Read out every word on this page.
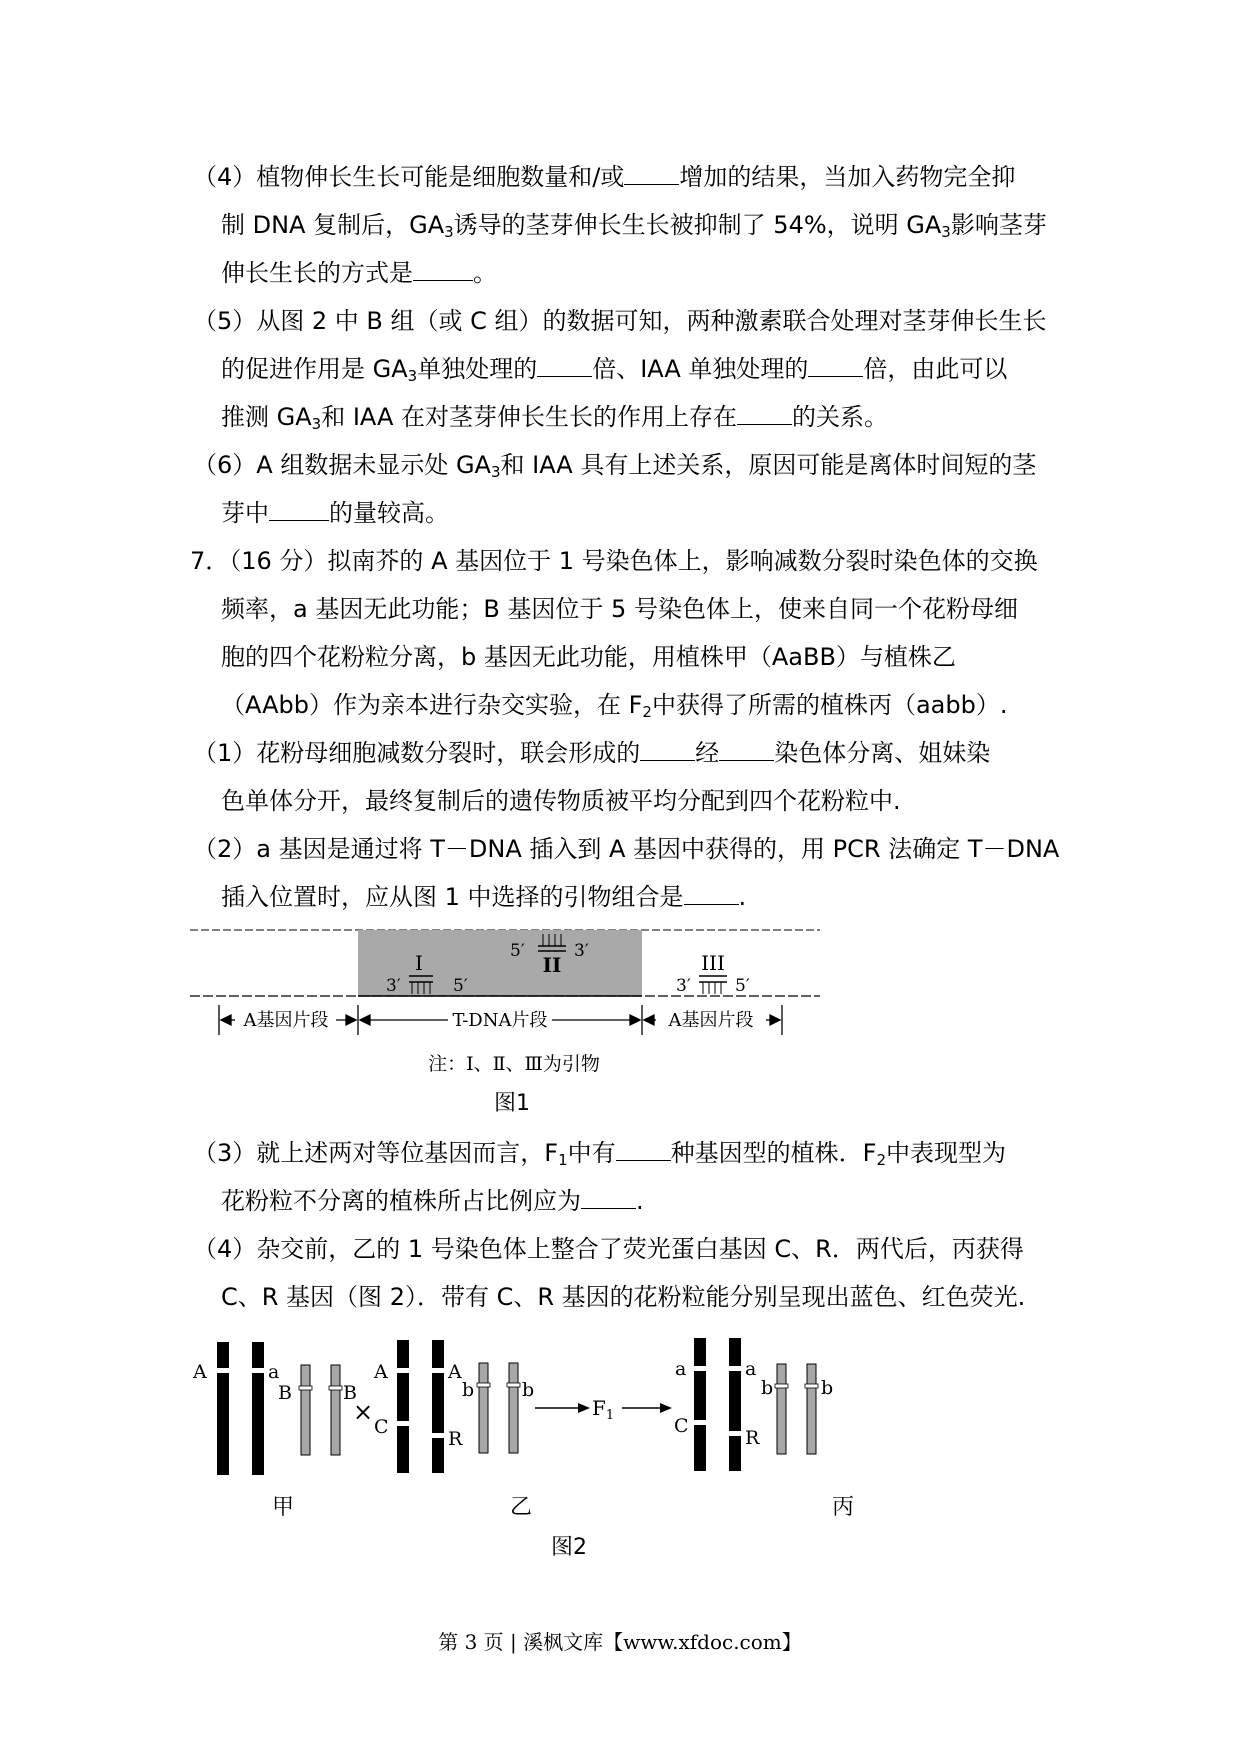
（4）植物伸长生长可能是细胞数量和/或 增加的结果，当加入药物完全抑
制 DNA 复制后，$GA_3$诱导的茎芽伸长生长被抑制了 54%，说明 $GA_3$影响茎芽
伸长生长的方式是	。
（5）从图 2 中 B 组（或 C 组）的数据可知，两种激素联合处理对茎芽伸长生长
的促进作用是 $GA_3$单独处理的 倍、IAA 单独处理的 倍，由此可以
推测 $GA_3$和 IAA 在对茎芽伸长生长的作用上存在 的关系。
（6）A 组数据未显示处 $GA_3$和 IAA 具有上述关系，原因可能是离体时间短的茎
芽中	的量较高。
7．（16 分）拟南芥的 A 基因位于 1 号染色体上，影响减数分裂时染色体的交换
频率，a 基因无此功能；B 基因位于 5 号染色体上，使来自同一个花粉母细
胞的四个花粉粒分离，b 基因无此功能，用植株甲（AaBB）与植株乙
（AAbb）作为亲本进行杂交实验，在 $F_2$中获得了所需的植株丙（aabb）.
（1）花粉母细胞减数分裂时，联会形成的 经 染色体分离、姐妹染
色单体分开，最终复制后的遗传物质被平均分配到四个花粉粒中.
（2）a 基因是通过将 T－DNA 插入到 A 基因中获得的，用 PCR 法确定 T－DNA
插入位置时，应从图 1 中选择的引物组合是 .
I
3′	5′
II
5′	3′	III
3′	5′
A基因片段	T-DNA片段	A基因片段
注：Ⅰ、Ⅱ、Ⅲ为引物
图1
（3）就上述两对等位基因而言，$F_1$中有 种基因型的植株．$F_2$中表现型为
花粉粒不分离的植株所占比例应为 .
（4）杂交前，乙的 1 号染色体上整合了荧光蛋白基因 C、R．两代后，丙获得
C、R 基因（图 2）．带有 C、R 基因的花粉粒能分别呈现出蓝色、红色荧光.
A	a
B	B
×
A
C
A
R
b	b
$F_1$
a
C
a
R
b	b
甲	乙	丙
图2
第 3 页 | 溪枫文库【www.xfdoc.com】
